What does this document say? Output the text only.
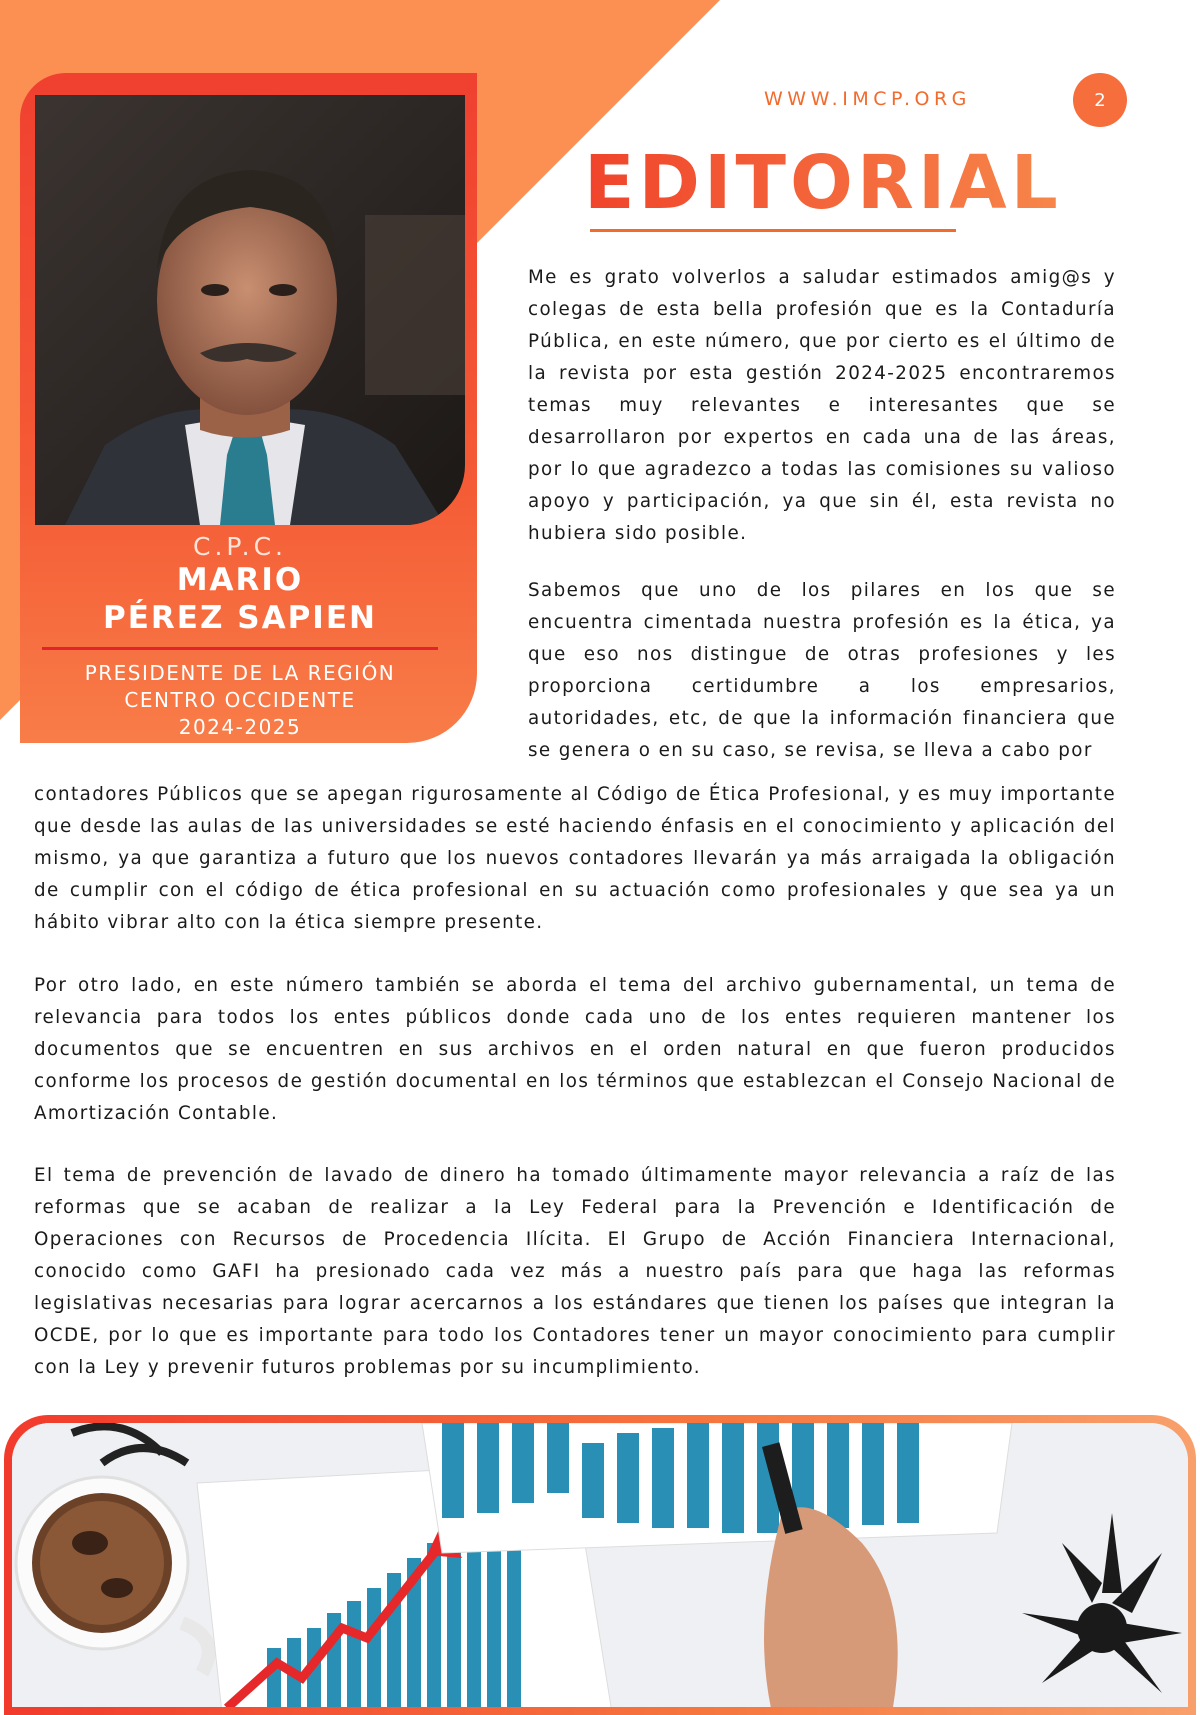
WWW.IMCP.ORG	2
EDITORIAL
C.P.C.
MARIO
PÉREZ SAPIEN
PRESIDENTE DE LA REGIÓN
CENTRO OCCIDENTE
2024-2025

Me es grato volverlos a saludar estimados amig@s y colegas de esta bella profesión que es la Contaduría Pública, en este número, que por cierto es el último de la revista por esta gestión 2024-2025 encontraremos temas muy relevantes e interesantes que se desarrollaron por expertos en cada una de las áreas, por lo que agradezco a todas las comisiones su valioso apoyo y participación, ya que sin él, esta revista no hubiera sido posible.

Sabemos que uno de los pilares en los que se encuentra cimentada nuestra profesión es la ética, ya que eso nos distingue de otras profesiones y les proporciona certidumbre a los empresarios, autoridades, etc, de que la información financiera que se genera o en su caso, se revisa, se lleva a cabo por

contadores Públicos que se apegan rigurosamente al Código de Ética Profesional, y es muy importante que desde las aulas de las universidades se esté haciendo énfasis en el conocimiento y aplicación del mismo, ya que garantiza a futuro que los nuevos contadores llevarán ya más arraigada la obligación de cumplir con el código de ética profesional en su actuación como profesionales y que sea ya un hábito vibrar alto con la ética siempre presente.

Por otro lado, en este número también se aborda el tema del archivo gubernamental, un tema de relevancia para todos los entes públicos donde cada uno de los entes requieren mantener los documentos que se encuentren en sus archivos en el orden natural en que fueron producidos conforme los procesos de gestión documental en los términos que establezcan el Consejo Nacional de Amortización Contable.

El tema de prevención de lavado de dinero ha tomado últimamente mayor relevancia a raíz de las reformas que se acaban de realizar a la Ley Federal para la Prevención e Identificación de Operaciones con Recursos de Procedencia Ilícita. El Grupo de Acción Financiera Internacional, conocido como GAFI ha presionado cada vez más a nuestro país para que haga las reformas legislativas necesarias para lograr acercarnos a los estándares que tienen los países que integran la OCDE, por lo que es importante para todo los Contadores tener un mayor conocimiento para cumplir con la Ley y prevenir futuros problemas por su incumplimiento.
